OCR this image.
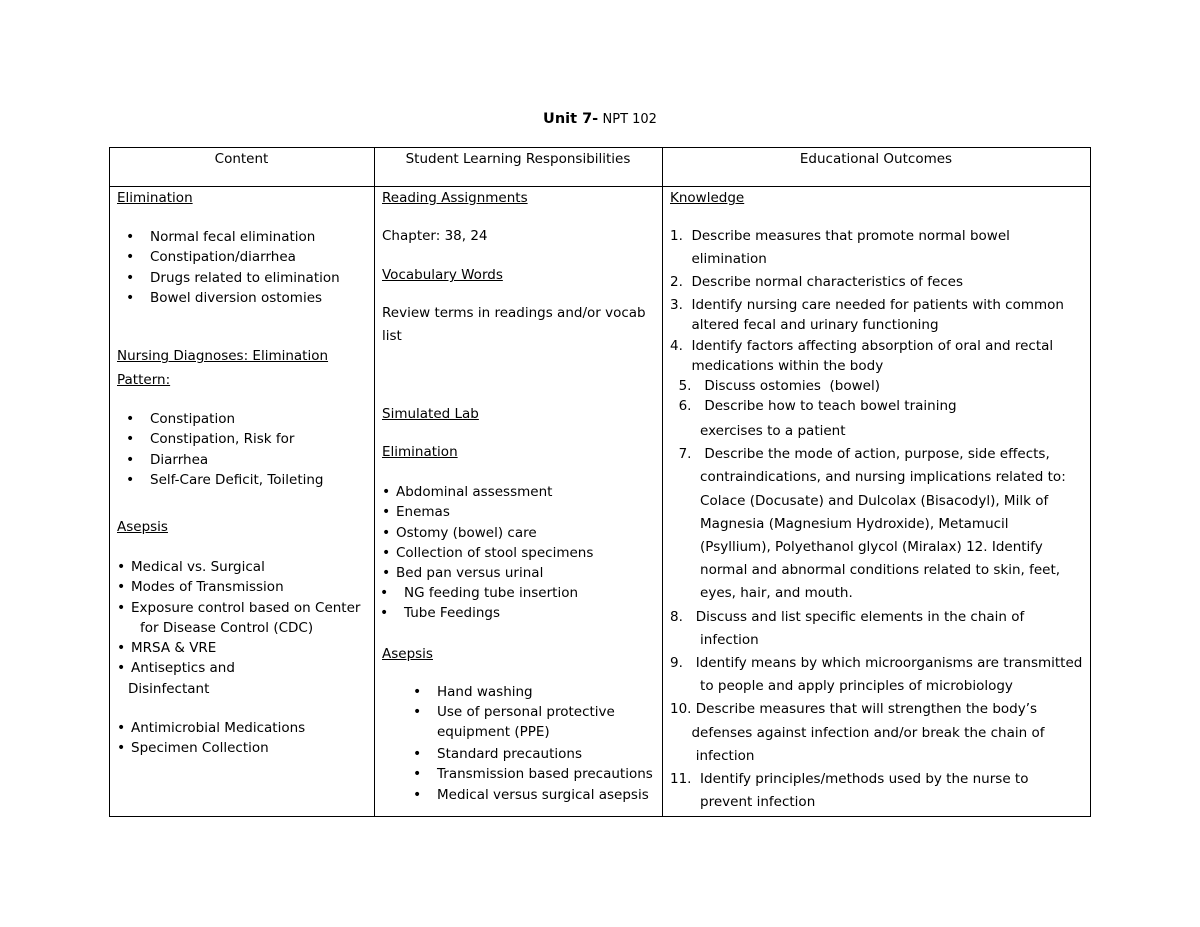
Unit 7- NPT 102
Content	Student Learning Responsibilities	Educational Outcomes
Elimination
• Normal fecal elimination
• Constipation/diarrhea
• Drugs related to elimination
• Bowel diversion ostomies
Nursing Diagnoses: Elimination
Pattern:
• Constipation
• Constipation, Risk for
• Diarrhea
• Self-Care Deficit, Toileting
Asepsis
• Medical vs. Surgical
• Modes of Transmission
• Exposure control based on Center
for Disease Control (CDC)
• MRSA & VRE
• Antiseptics and
Disinfectant
• Antimicrobial Medications
• Specimen Collection
Reading Assignments
Chapter: 38, 24
Vocabulary Words
Review terms in readings and/or vocab
list
Simulated Lab
Elimination
• Abdominal assessment
• Enemas
• Ostomy (bowel) care
• Collection of stool specimens
• Bed pan versus urinal
• NG feeding tube insertion
• Tube Feedings
Asepsis
• Hand washing
• Use of personal protective
equipment (PPE)
• Standard precautions
• Transmission based precautions
• Medical versus surgical asepsis
Knowledge
1.  Describe measures that promote normal bowel
elimination
2.  Describe normal characteristics of feces
3.  Identify nursing care needed for patients with common
altered fecal and urinary functioning
4.  Identify factors affecting absorption of oral and rectal
medications within the body
5.   Discuss ostomies  (bowel)
6.   Describe how to teach bowel training
exercises to a patient
7.   Describe the mode of action, purpose, side effects,
contraindications, and nursing implications related to:
Colace (Docusate) and Dulcolax (Bisacodyl), Milk of
Magnesia (Magnesium Hydroxide), Metamucil
(Psyllium), Polyethanol glycol (Miralax) 12. Identify
normal and abnormal conditions related to skin, feet,
eyes, hair, and mouth.
8.   Discuss and list specific elements in the chain of
infection
9.   Identify means by which microorganisms are transmitted
to people and apply principles of microbiology
10. Describe measures that will strengthen the body’s
defenses against infection and/or break the chain of
infection
11.  Identify principles/methods used by the nurse to
prevent infection
